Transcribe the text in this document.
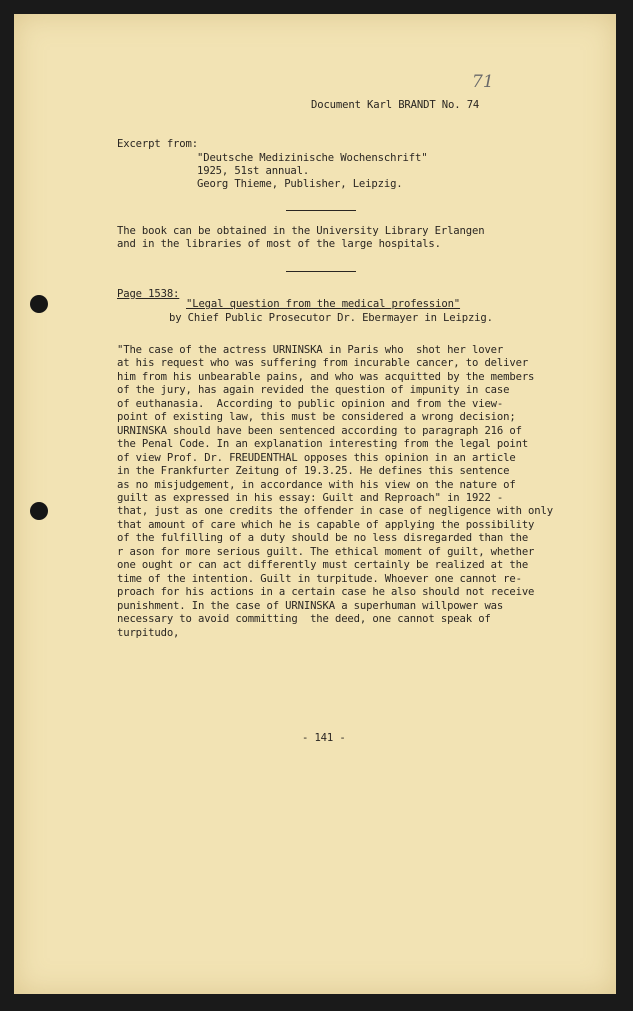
71
Document Karl BRANDT No. 74
Excerpt from:
"Deutsche Medizinische Wochenschrift"
1925, 51st annual.
Georg Thieme, Publisher, Leipzig.
The book can be obtained in the University Library Erlangen
and in the libraries of most of the large hospitals.
Page 1538:
"Legal question from the medical profession"
by Chief Public Prosecutor Dr. Ebermayer in Leipzig.
"The case of the actress URNINSKA in Paris who  shot her lover
at his request who was suffering from incurable cancer, to deliver
him from his unbearable pains, and who was acquitted by the members
of the jury, has again revided the question of impunity in case
of euthanasia.  According to public opinion and from the view-
point of existing law, this must be considered a wrong decision;
URNINSKA should have been sentenced according to paragraph 216 of
the Penal Code. In an explanation interesting from the legal point
of view Prof. Dr. FREUDENTHAL opposes this opinion in an article
in the Frankfurter Zeitung of 19.3.25. He defines this sentence
as no misjudgement, in accordance with his view on the nature of
guilt as expressed in his essay: Guilt and Reproach" in 1922 -
that, just as one credits the offender in case of negligence with only
that amount of care which he is capable of applying the possibility
of the fulfilling of a duty should be no less disregarded than the
r ason for more serious guilt. The ethical moment of guilt, whether
one ought or can act differently must certainly be realized at the
time of the intention. Guilt in turpitude. Whoever one cannot re-
proach for his actions in a certain case he also should not receive
punishment. In the case of URNINSKA a superhuman willpower was
necessary to avoid committing  the deed, one cannot speak of
turpitudo,
- 141 -
